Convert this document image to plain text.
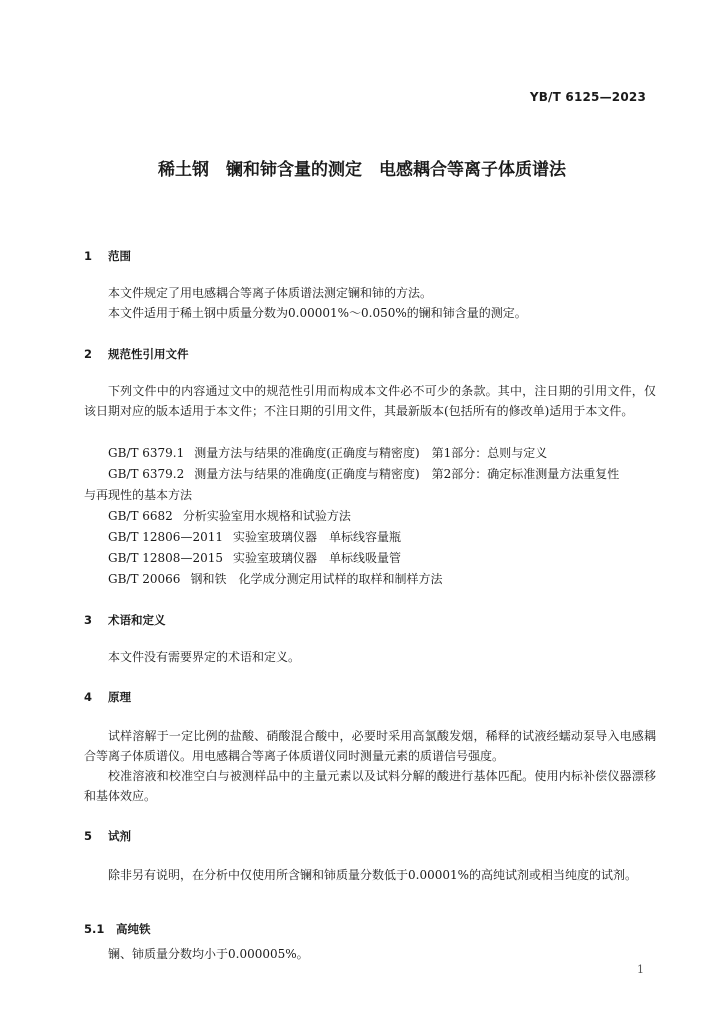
YB/T 6125—2023
稀土钢　镧和铈含量的测定　电感耦合等离子体质谱法
1 范围
本文件规定了用电感耦合等离子体质谱法测定镧和铈的方法。
本文件适用于稀土钢中质量分数为0.00001%～0.050%的镧和铈含量的测定。
2 规范性引用文件
下列文件中的内容通过文中的规范性引用而构成本文件必不可少的条款。其中，注日期的引用文件，仅该日期对应的版本适用于本文件；不注日期的引用文件，其最新版本(包括所有的修改单)适用于本文件。
GB/T 6379.1 测量方法与结果的准确度(正确度与精密度)　第1部分：总则与定义
GB/T 6379.2 测量方法与结果的准确度(正确度与精密度)　第2部分：确定标准测量方法重复性
与再现性的基本方法
GB/T 6682 分析实验室用水规格和试验方法
GB/T 12806—2011 实验室玻璃仪器　单标线容量瓶
GB/T 12808—2015 实验室玻璃仪器　单标线吸量管
GB/T 20066 钢和铁　化学成分测定用试样的取样和制样方法
3 术语和定义
本文件没有需要界定的术语和定义。
4 原理
试样溶解于一定比例的盐酸、硝酸混合酸中，必要时采用高氯酸发烟，稀释的试液经蠕动泵导入电感耦合等离子体质谱仪。用电感耦合等离子体质谱仪同时测量元素的质谱信号强度。
校准溶液和校准空白与被测样品中的主量元素以及试料分解的酸进行基体匹配。使用内标补偿仪器漂移和基体效应。
5 试剂
除非另有说明，在分析中仅使用所含镧和铈质量分数低于0.00001%的高纯试剂或相当纯度的试剂。
5.1 高纯铁
镧、铈质量分数均小于0.000005%。
1
